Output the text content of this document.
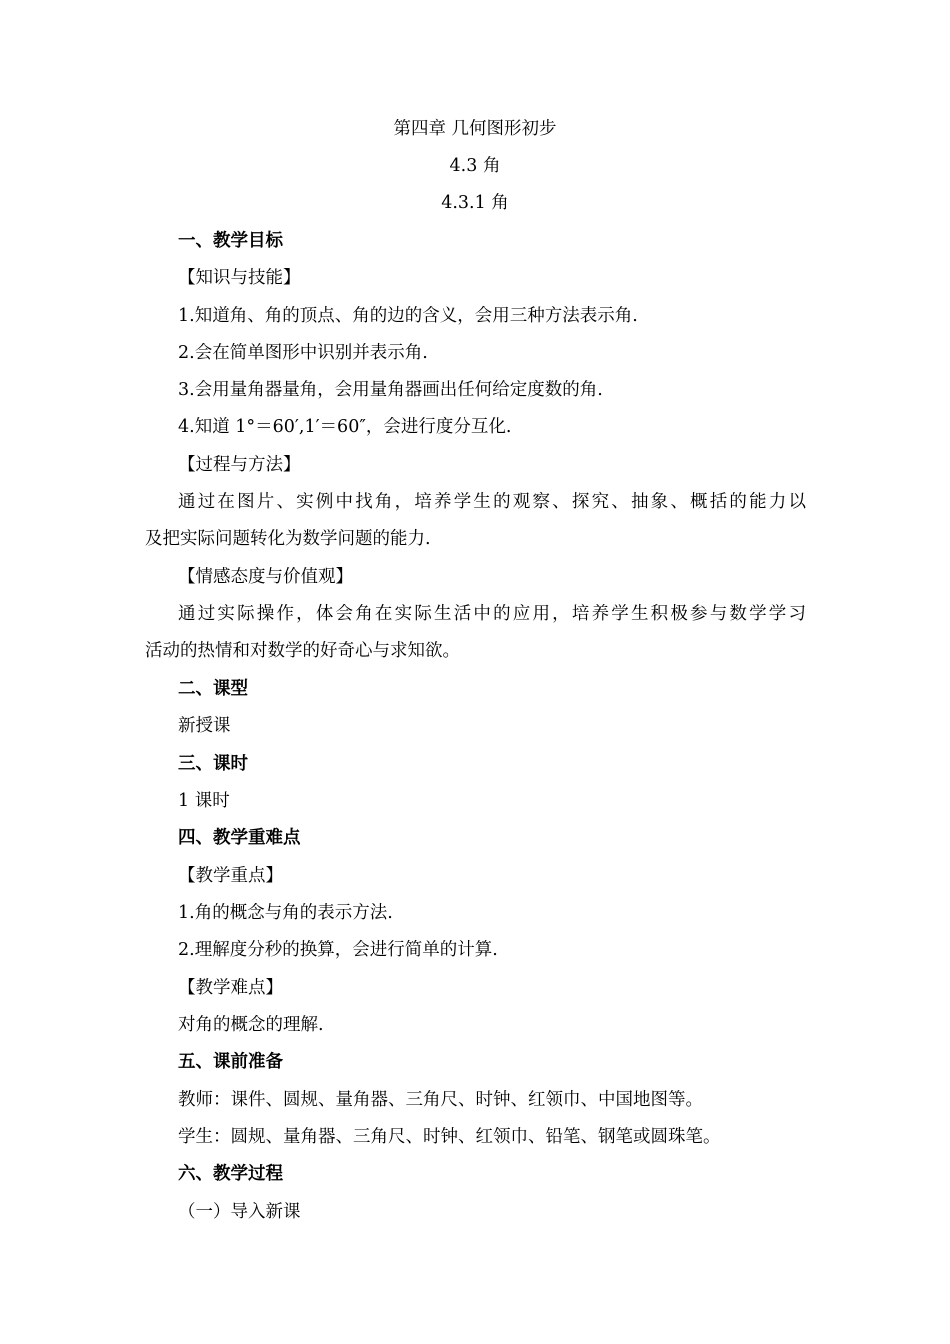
第四章 几何图形初步
4.3 角
4.3.1 角
一、教学目标
【知识与技能】
1.知道角、角的顶点、角的边的含义，会用三种方法表示角.
2.会在简单图形中识别并表示角.
3.会用量角器量角，会用量角器画出任何给定度数的角.
4.知道 1°＝60′,1′＝60″，会进行度分互化.
【过程与方法】
通过在图片、实例中找角，培养学生的观察、探究、抽象、概括的能力以
及把实际问题转化为数学问题的能力.
【情感态度与价值观】
通过实际操作，体会角在实际生活中的应用，培养学生积极参与数学学习
活动的热情和对数学的好奇心与求知欲。
二、课型
新授课
三、课时
1 课时
四、教学重难点
【教学重点】
1.角的概念与角的表示方法.
2.理解度分秒的换算，会进行简单的计算.
【教学难点】
对角的概念的理解.
五、课前准备
教师：课件、圆规、量角器、三角尺、时钟、红领巾、中国地图等。
学生：圆规、量角器、三角尺、时钟、红领巾、铅笔、钢笔或圆珠笔。
六、教学过程
（一）导入新课
